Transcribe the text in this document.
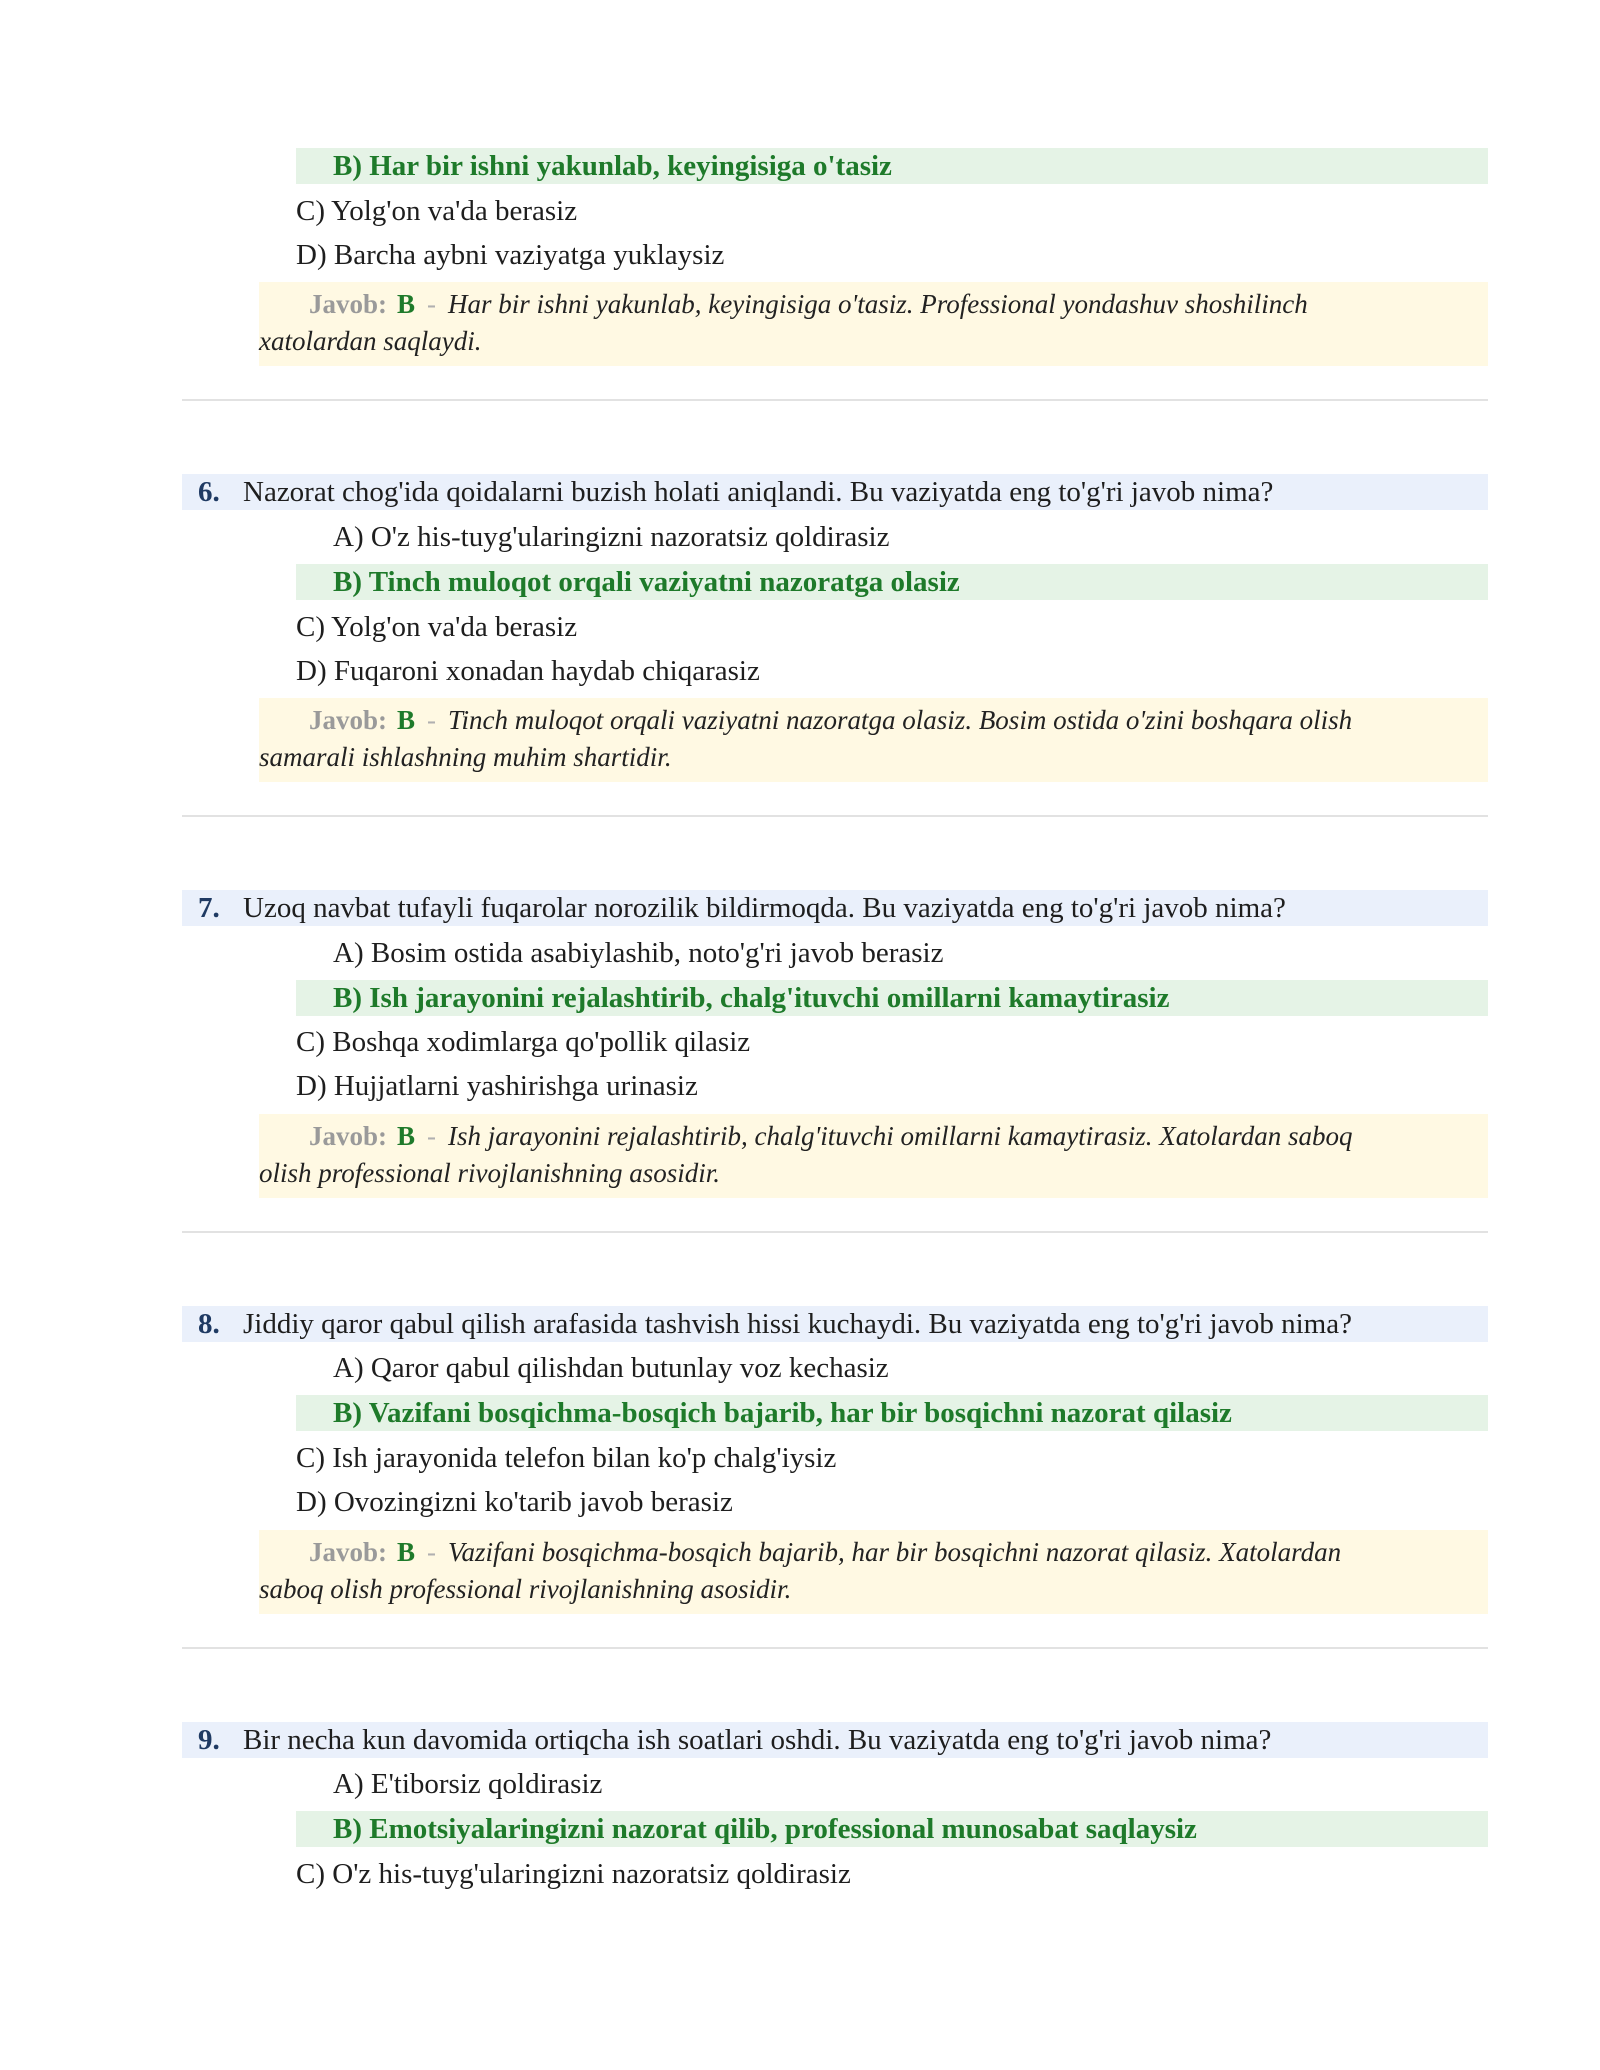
B) Har bir ishni yakunlab, keyingisiga o'tasiz
C) Yolg'on va'da berasiz
D) Barcha aybni vaziyatga yuklaysiz
Javob: B - Har bir ishni yakunlab, keyingisiga o'tasiz. Professional yondashuv shoshilinch
xatolardan saqlaydi.
6. Nazorat chog'ida qoidalarni buzish holati aniqlandi. Bu vaziyatda eng to'g'ri javob nima?
A) O'z his-tuyg'ularingizni nazoratsiz qoldirasiz
B) Tinch muloqot orqali vaziyatni nazoratga olasiz
C) Yolg'on va'da berasiz
D) Fuqaroni xonadan haydab chiqarasiz
Javob: B - Tinch muloqot orqali vaziyatni nazoratga olasiz. Bosim ostida o'zini boshqara olish
samarali ishlashning muhim shartidir.
7. Uzoq navbat tufayli fuqarolar norozilik bildirmoqda. Bu vaziyatda eng to'g'ri javob nima?
A) Bosim ostida asabiylashib, noto'g'ri javob berasiz
B) Ish jarayonini rejalashtirib, chalg'ituvchi omillarni kamaytirasiz
C) Boshqa xodimlarga qo'pollik qilasiz
D) Hujjatlarni yashirishga urinasiz
Javob: B - Ish jarayonini rejalashtirib, chalg'ituvchi omillarni kamaytirasiz. Xatolardan saboq
olish professional rivojlanishning asosidir.
8. Jiddiy qaror qabul qilish arafasida tashvish hissi kuchaydi. Bu vaziyatda eng to'g'ri javob nima?
A) Qaror qabul qilishdan butunlay voz kechasiz
B) Vazifani bosqichma-bosqich bajarib, har bir bosqichni nazorat qilasiz
C) Ish jarayonida telefon bilan ko'p chalg'iysiz
D) Ovozingizni ko'tarib javob berasiz
Javob: B - Vazifani bosqichma-bosqich bajarib, har bir bosqichni nazorat qilasiz. Xatolardan
saboq olish professional rivojlanishning asosidir.
9. Bir necha kun davomida ortiqcha ish soatlari oshdi. Bu vaziyatda eng to'g'ri javob nima?
A) E'tiborsiz qoldirasiz
B) Emotsiyalaringizni nazorat qilib, professional munosabat saqlaysiz
C) O'z his-tuyg'ularingizni nazoratsiz qoldirasiz
